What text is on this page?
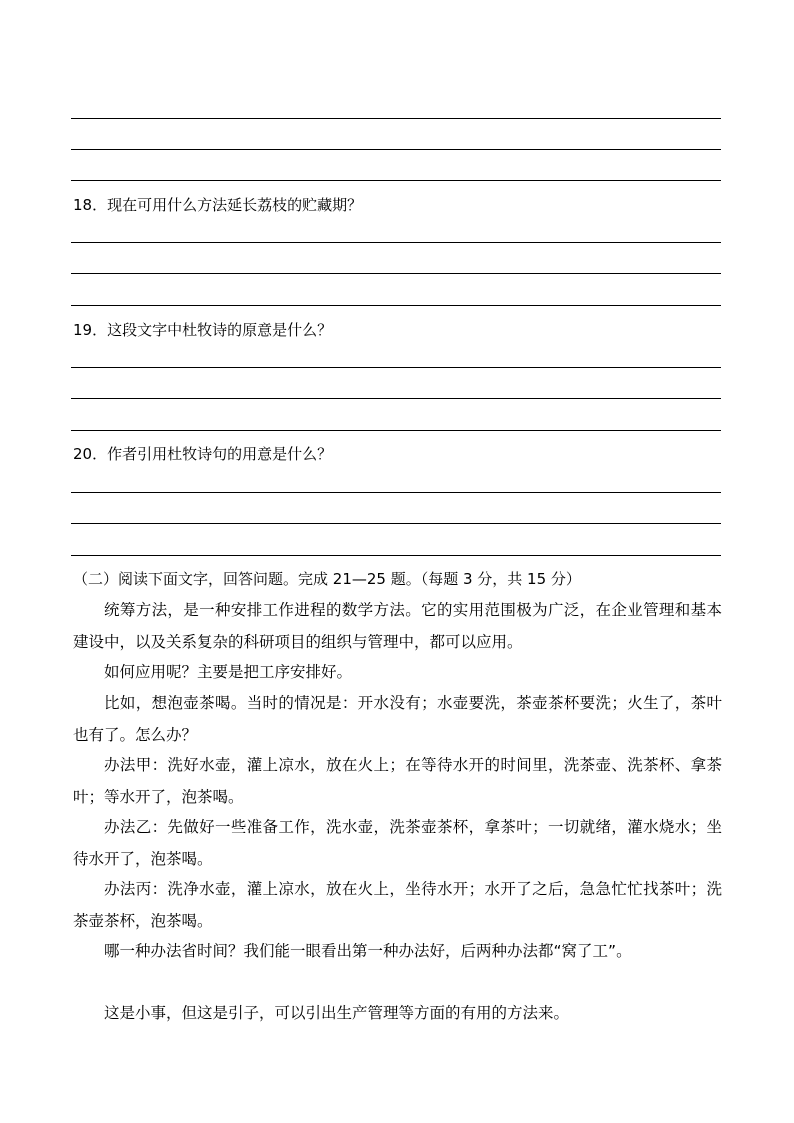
18．现在可用什么方法延长荔枝的贮藏期？
19．这段文字中杜牧诗的原意是什么？
20．作者引用杜牧诗句的用意是什么？
（二）阅读下面文字，回答问题。完成 21—25 题。（每题 3 分，共 15 分）
统筹方法，是一种安排工作进程的数学方法。它的实用范围极为广泛，在企业管理和基本建设中，以及关系复杂的科研项目的组织与管理中，都可以应用。
如何应用呢？主要是把工序安排好。
比如，想泡壶茶喝。当时的情况是：开水没有；水壶要洗，茶壶茶杯要洗；火生了，茶叶也有了。怎么办？
办法甲：洗好水壶，灌上凉水，放在火上；在等待水开的时间里，洗茶壶、洗茶杯、拿茶叶；等水开了，泡茶喝。
办法乙：先做好一些准备工作，洗水壶，洗茶壶茶杯，拿茶叶；一切就绪，灌水烧水；坐待水开了，泡茶喝。
办法丙：洗净水壶，灌上凉水，放在火上，坐待水开；水开了之后，急急忙忙找茶叶；洗茶壶茶杯，泡茶喝。
哪一种办法省时间？我们能一眼看出第一种办法好，后两种办法都“窝了工”。
这是小事，但这是引子，可以引出生产管理等方面的有用的方法来。
